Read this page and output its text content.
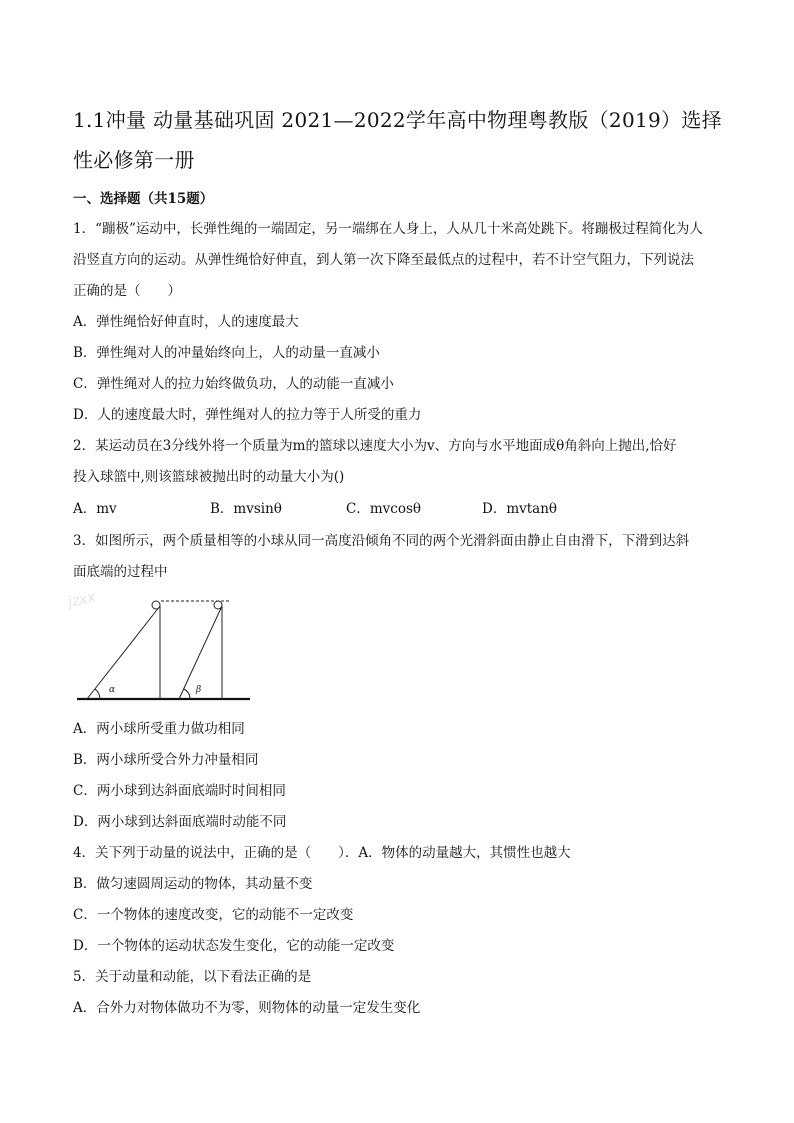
1.1冲量 动量基础巩固 2021—2022学年高中物理粤教版（2019）选择性必修第一册
一、选择题（共15题）
1．“蹦极”运动中，长弹性绳的一端固定，另一端绑在人身上，人从几十米高处跳下。将蹦极过程简化为人
沿竖直方向的运动。从弹性绳恰好伸直，到人第一次下降至最低点的过程中，若不计空气阻力，下列说法
正确的是（　　）
A．弹性绳恰好伸直时，人的速度最大
B．弹性绳对人的冲量始终向上，人的动量一直减小
C．弹性绳对人的拉力始终做负功，人的动能一直减小
D．人的速度最大时，弹性绳对人的拉力等于人所受的重力
2．某运动员在3分线外将一个质量为m的篮球以速度大小为v、方向与水平地面成θ角斜向上抛出,恰好
投入球篮中,则该篮球被抛出时的动量大小为()
A．mv	B．mvsinθ	C．mvcosθ	D．mvtanθ
3．如图所示，两个质量相等的小球从同一高度沿倾角不同的两个光滑斜面由静止自由滑下，下滑到达斜
面底端的过程中
jzxx
α	β
A．两小球所受重力做功相同
B．两小球所受合外力冲量相同
C．两小球到达斜面底端时时间相同
D．两小球到达斜面底端时动能不同
4．关下列于动量的说法中，正确的是（　　）．A．物体的动量越大，其惯性也越大
B．做匀速圆周运动的物体，其动量不变
C．一个物体的速度改变，它的动能不一定改变
D．一个物体的运动状态发生变化，它的动能一定改变
5．关于动量和动能，以下看法正确的是
A．合外力对物体做功不为零，则物体的动量一定发生变化
